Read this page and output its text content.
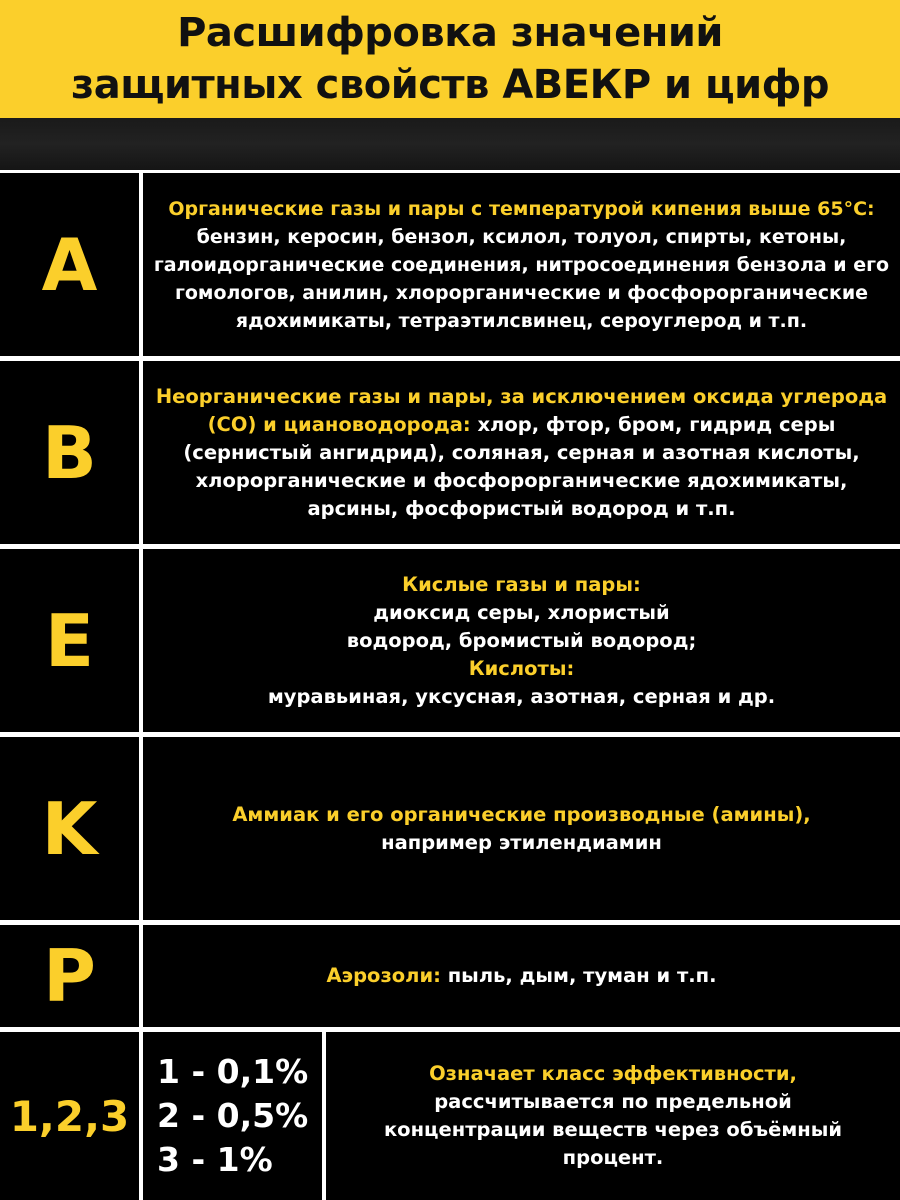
Расшифровка значений
защитных свойств АВЕКР и цифр
A
Органические газы и пары с температурой кипения выше 65°С: бензин, керосин, бензол, ксилол, толуол, спирты, кетоны, галоидорганические соединения, нитросоединения бензола и его гомологов, анилин, хлорорганические и фосфорорганические ядохимикаты, тетраэтилсвинец, сероуглерод и т.п.
B
Неорганические газы и пары, за исключением оксида углерода (СО) и циановодорода: хлор, фтор, бром, гидрид серы (сернистый ангидрид), соляная, серная и азотная кислоты, хлорорганические и фосфорорганические ядохимикаты, арсины, фосфористый водород и т.п.
E
Кислые газы и пары:
диоксид серы, хлористый водород, бромистый водород;
Кислоты:
муравьиная, уксусная, азотная, серная и др.
K	Аммиак и его органические производные (амины),
например этилендиамин
P	Аэрозоли: пыль, дым, туман и т.п.
1,2,3
1 - 0,1%
2 - 0,5%
3 - 1%
Означает класс эффективности,
рассчитывается по предельной концентрации веществ через объёмный процент.
